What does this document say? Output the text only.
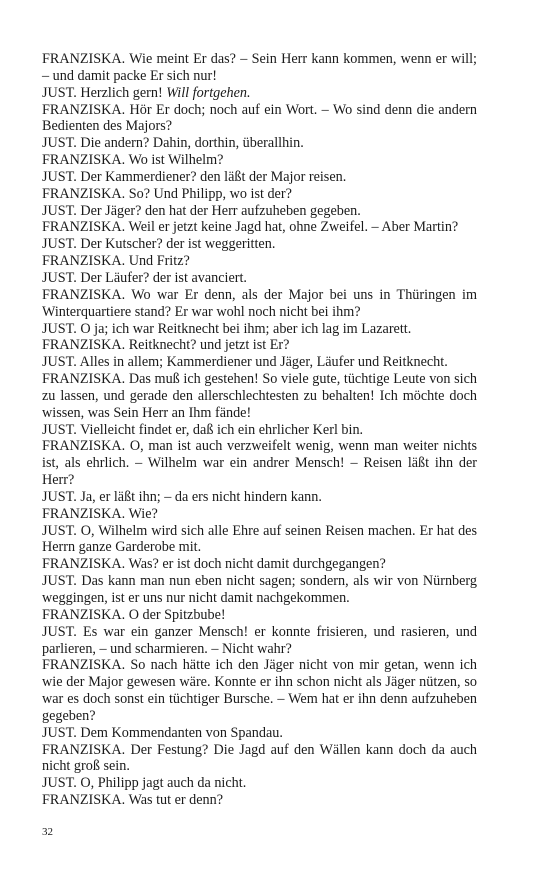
FRANZISKA. Wie meint Er das? – Sein Herr kann kommen, wenn er will; – und damit packe Er sich nur!

JUST. Herzlich gern! Will fortgehen.

FRANZISKA. Hör Er doch; noch auf ein Wort. – Wo sind denn die andern Bedienten des Majors?

JUST. Die andern? Dahin, dorthin, überallhin.

FRANZISKA. Wo ist Wilhelm?

JUST. Der Kammerdiener? den läßt der Major reisen.

FRANZISKA. So? Und Philipp, wo ist der?

JUST. Der Jäger? den hat der Herr aufzuheben gegeben.

FRANZISKA. Weil er jetzt keine Jagd hat, ohne Zweifel. – Aber Martin?

JUST. Der Kutscher? der ist weggeritten.

FRANZISKA. Und Fritz?

JUST. Der Läufer? der ist avanciert.

FRANZISKA. Wo war Er denn, als der Major bei uns in Thüringen im Winterquartiere stand? Er war wohl noch nicht bei ihm?

JUST. O ja; ich war Reitknecht bei ihm; aber ich lag im Lazarett.

FRANZISKA. Reitknecht? und jetzt ist Er?

JUST. Alles in allem; Kammerdiener und Jäger, Läufer und Reitknecht.

FRANZISKA. Das muß ich gestehen! So viele gute, tüchtige Leute von sich zu lassen, und gerade den allerschlechtesten zu behalten! Ich möchte doch wissen, was Sein Herr an Ihm fände!

JUST. Vielleicht findet er, daß ich ein ehrlicher Kerl bin.

FRANZISKA. O, man ist auch verzweifelt wenig, wenn man weiter nichts ist, als ehrlich. – Wilhelm war ein andrer Mensch! – Reisen läßt ihn der Herr?

JUST. Ja, er läßt ihn; – da ers nicht hindern kann.

FRANZISKA. Wie?

JUST. O, Wilhelm wird sich alle Ehre auf seinen Reisen machen. Er hat des Herrn ganze Garderobe mit.

FRANZISKA. Was? er ist doch nicht damit durchgegangen?

JUST. Das kann man nun eben nicht sagen; sondern, als wir von Nürnberg weggingen, ist er uns nur nicht damit nachgekommen.

FRANZISKA. O der Spitzbube!

JUST. Es war ein ganzer Mensch! er konnte frisieren, und rasieren, und parlieren, – und scharmieren. – Nicht wahr?

FRANZISKA. So nach hätte ich den Jäger nicht von mir getan, wenn ich wie der Major gewesen wäre. Konnte er ihn schon nicht als Jäger nützen, so war es doch sonst ein tüchtiger Bursche. – Wem hat er ihn denn aufzuheben gegeben?

JUST. Dem Kommendanten von Spandau.

FRANZISKA. Der Festung? Die Jagd auf den Wällen kann doch da auch nicht groß sein.

JUST. O, Philipp jagt auch da nicht.

FRANZISKA. Was tut er denn?

32
